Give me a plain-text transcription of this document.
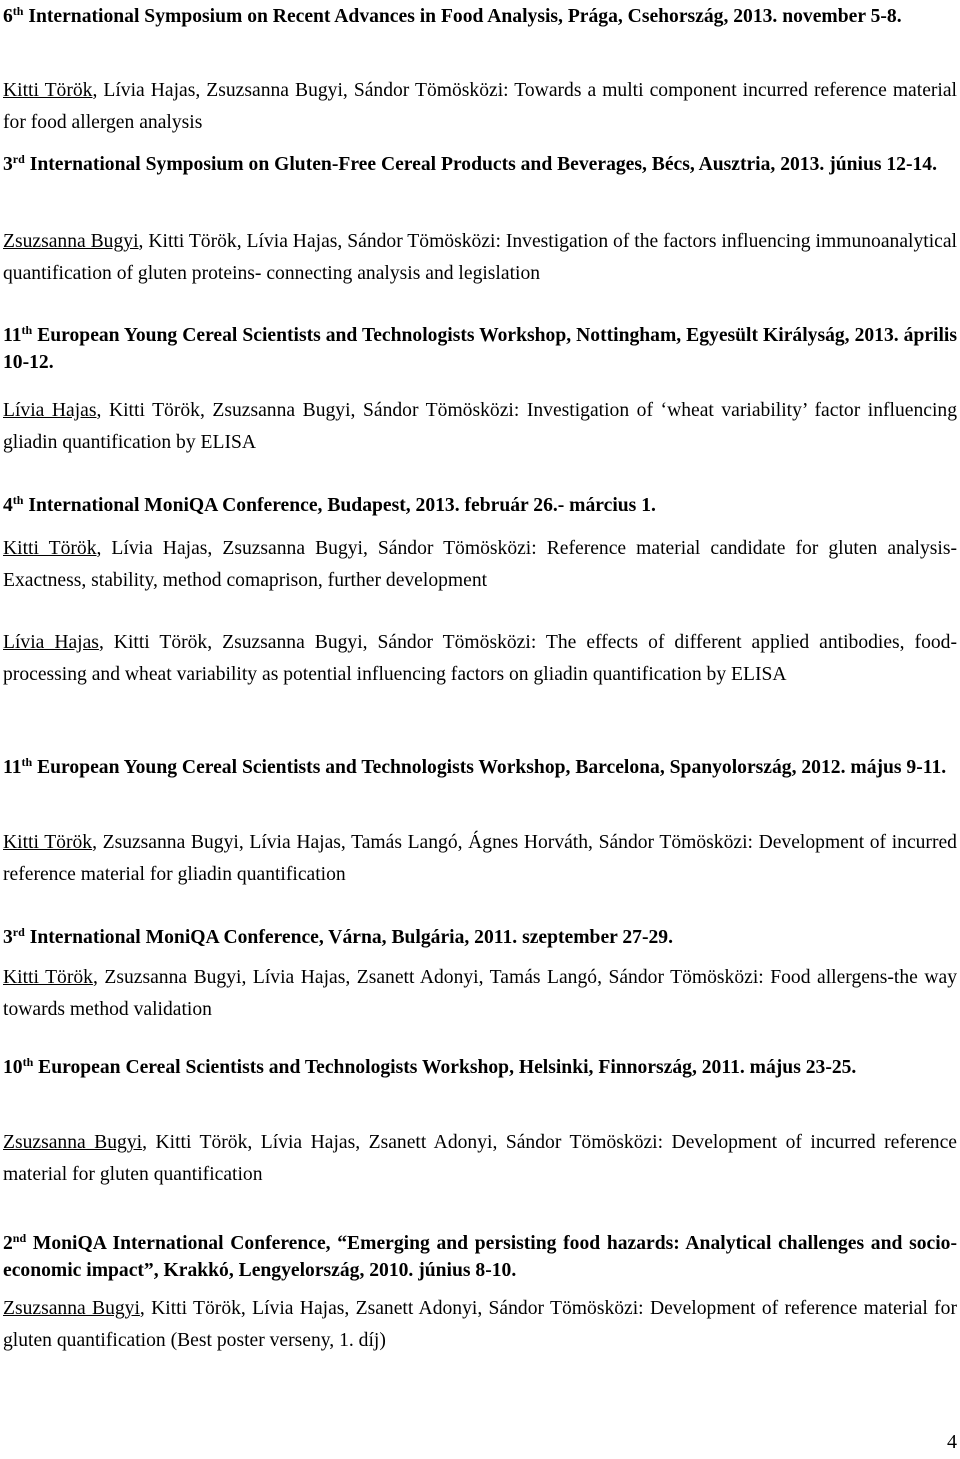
6th International Symposium on Recent Advances in Food Analysis, Prága, Csehország, 2013. november 5-8.
Kitti Török, Lívia Hajas, Zsuzsanna Bugyi, Sándor Tömösközi: Towards a multi component incurred reference material for food allergen analysis
3rd International Symposium on Gluten-Free Cereal Products and Beverages, Bécs, Ausztria, 2013. június 12-14.
Zsuzsanna Bugyi, Kitti Török, Lívia Hajas, Sándor Tömösközi: Investigation of the factors influencing immunoanalytical quantification of gluten proteins- connecting analysis and legislation
11th European Young Cereal Scientists and Technologists Workshop, Nottingham, Egyesült Királyság, 2013. április 10-12.
Lívia Hajas, Kitti Török, Zsuzsanna Bugyi, Sándor Tömösközi: Investigation of ‘wheat variability’ factor influencing gliadin quantification by ELISA
4th International MoniQA Conference, Budapest, 2013. február 26.- március 1.
Kitti Török, Lívia Hajas, Zsuzsanna Bugyi, Sándor Tömösközi: Reference material candidate for gluten analysis- Exactness, stability, method comaprison, further development
Lívia Hajas, Kitti Török, Zsuzsanna Bugyi, Sándor Tömösközi: The effects of different applied antibodies, food-processing and wheat variability as potential influencing factors on gliadin quantification by ELISA
11th European Young Cereal Scientists and Technologists Workshop, Barcelona, Spanyolország, 2012. május 9-11.
Kitti Török, Zsuzsanna Bugyi, Lívia Hajas, Tamás Langó, Ágnes Horváth, Sándor Tömösközi: Development of incurred reference material for gliadin quantification
3rd International MoniQA Conference, Várna, Bulgária, 2011. szeptember 27-29.
Kitti Török, Zsuzsanna Bugyi, Lívia Hajas, Zsanett Adonyi, Tamás Langó, Sándor Tömösközi: Food allergens-the way towards method validation
10th European Cereal Scientists and Technologists Workshop, Helsinki, Finnország, 2011. május 23-25.
Zsuzsanna Bugyi, Kitti Török, Lívia Hajas, Zsanett Adonyi, Sándor Tömösközi: Development of incurred reference material for gluten quantification
2nd MoniQA International Conference, “Emerging and persisting food hazards: Analytical challenges and socio-economic impact”, Krakkó, Lengyelország, 2010. június 8-10.
Zsuzsanna Bugyi, Kitti Török, Lívia Hajas, Zsanett Adonyi, Sándor Tömösközi: Development of reference material for gluten quantification (Best poster verseny, 1. díj)
4
